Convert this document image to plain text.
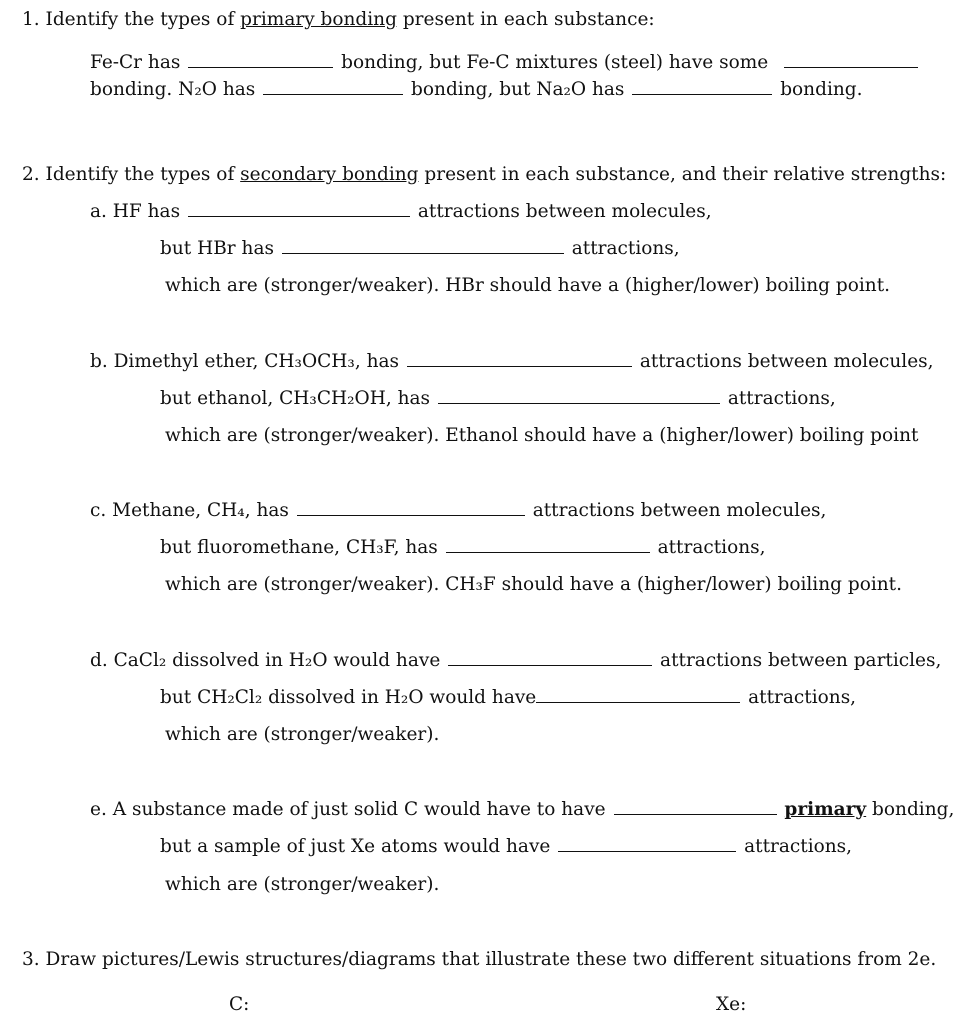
1. Identify the types of primary bonding present in each substance:
Fe-Cr has	bonding, but Fe-C mixtures (steel) have some
bonding. N₂O has	bonding, but Na₂O has	bonding.
2. Identify the types of secondary bonding present in each substance, and their relative strengths:
a. HF has	attractions between molecules,
but HBr has	attractions,
which are (stronger/weaker). HBr should have a (higher/lower) boiling point.
b. Dimethyl ether, CH₃OCH₃, has	attractions between molecules,
but ethanol, CH₃CH₂OH, has	attractions,
which are (stronger/weaker). Ethanol should have a (higher/lower) boiling point
c. Methane, CH₄, has	attractions between molecules,
but fluoromethane, CH₃F, has	attractions,
which are (stronger/weaker). CH₃F should have a (higher/lower) boiling point.
d. CaCl₂ dissolved in H₂O would have	attractions between particles,
but CH₂Cl₂ dissolved in H₂O would have	attractions,
which are (stronger/weaker).
e. A substance made of just solid C would have to have	primary bonding,
but a sample of just Xe atoms would have	attractions,
which are (stronger/weaker).
3. Draw pictures/Lewis structures/diagrams that illustrate these two different situations from 2e.
C:	Xe:
